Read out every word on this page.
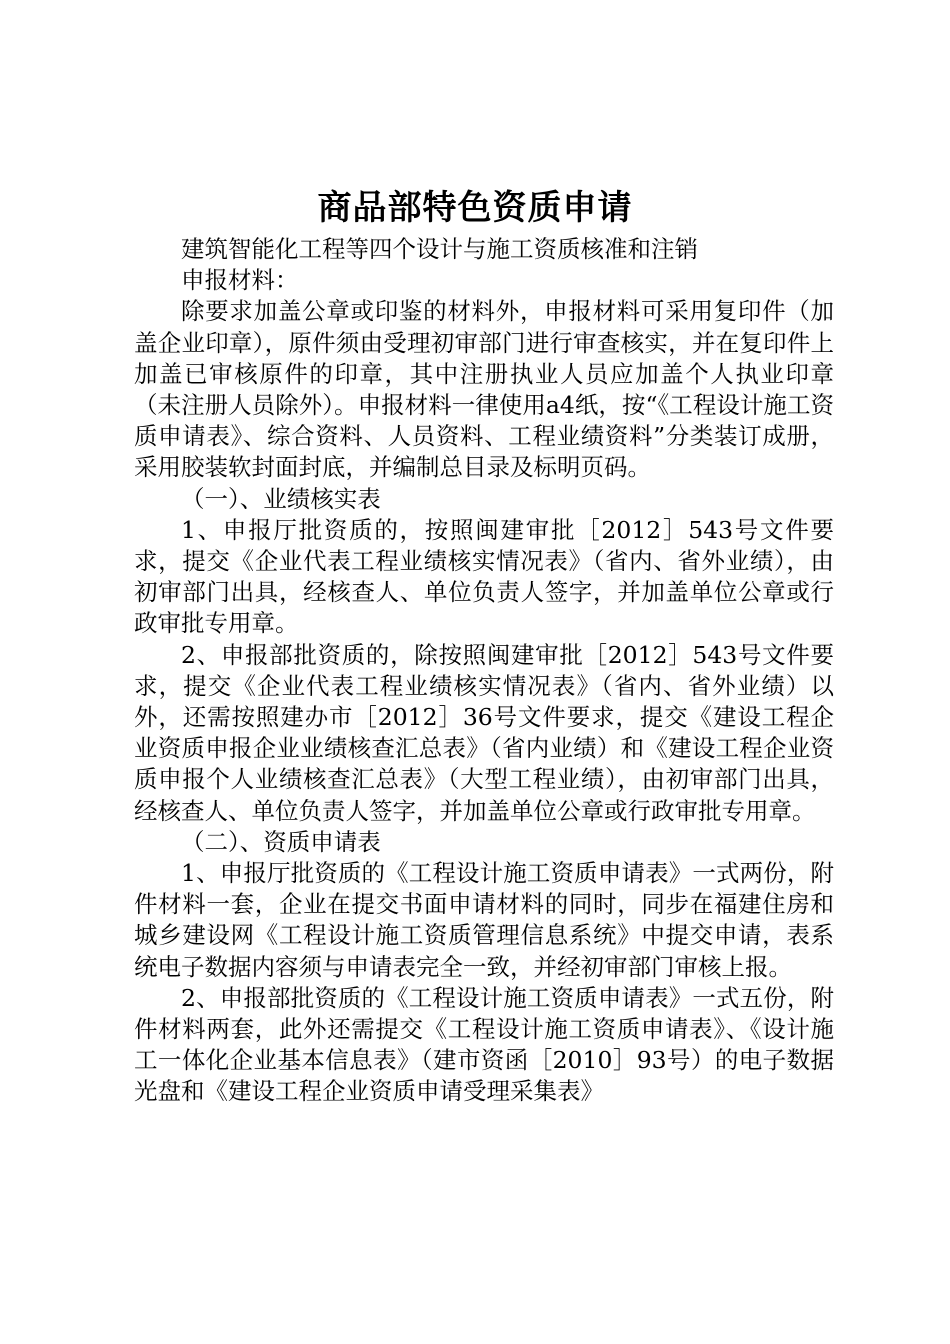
商品部特色资质申请

建筑智能化工程等四个设计与施工资质核准和注销

申报材料：

除要求加盖公章或印鉴的材料外，申报材料可采用复印件（加盖企业印章），原件须由受理初审部门进行审查核实，并在复印件上加盖已审核原件的印章，其中注册执业人员应加盖个人执业印章（未注册人员除外）。申报材料一律使用a4纸，按“《工程设计施工资质申请表》、综合资料、人员资料、工程业绩资料”分类装订成册，采用胶装软封面封底，并编制总目录及标明页码。

（一）、业绩核实表

1、申报厅批资质的，按照闽建审批［2012］543号文件要求，提交《企业代表工程业绩核实情况表》（省内、省外业绩），由初审部门出具，经核查人、单位负责人签字，并加盖单位公章或行政审批专用章。

2、申报部批资质的，除按照闽建审批［2012］543号文件要求，提交《企业代表工程业绩核实情况表》（省内、省外业绩）以外，还需按照建办市［2012］36号文件要求，提交《建设工程企业资质申报企业业绩核查汇总表》（省内业绩）和《建设工程企业资质申报个人业绩核查汇总表》（大型工程业绩），由初审部门出具，经核查人、单位负责人签字，并加盖单位公章或行政审批专用章。

（二）、资质申请表

1、申报厅批资质的《工程设计施工资质申请表》一式两份，附件材料一套，企业在提交书面申请材料的同时，同步在福建住房和城乡建设网《工程设计施工资质管理信息系统》中提交申请，表系统电子数据内容须与申请表完全一致，并经初审部门审核上报。

2、申报部批资质的《工程设计施工资质申请表》一式五份，附件材料两套，此外还需提交《工程设计施工资质申请表》、《设计施工一体化企业基本信息表》（建市资函［2010］93号）的电子数据光盘和《建设工程企业资质申请受理采集表》
